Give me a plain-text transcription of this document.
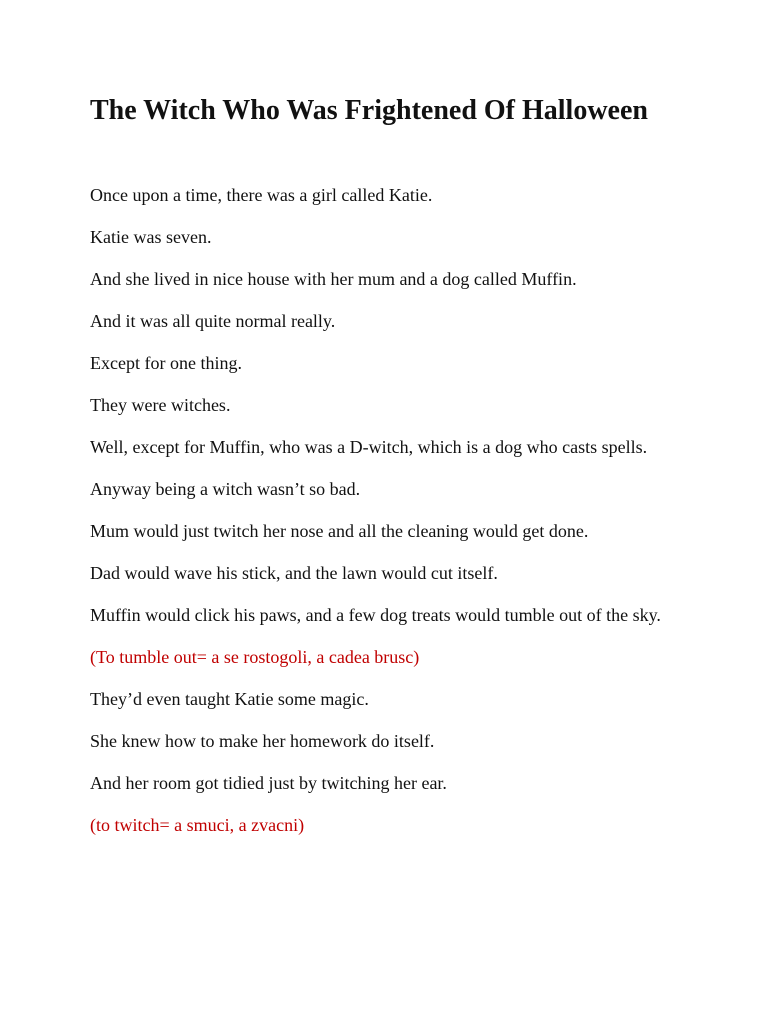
The Witch Who Was Frightened Of Halloween

Once upon a time, there was a girl called Katie.

Katie was seven.

And she lived in nice house with her mum and a dog called Muffin.

And it was all quite normal really.

Except for one thing.

They were witches.

Well, except for Muffin, who was a D-witch, which is a dog who casts spells.

Anyway being a witch wasn’t so bad.

Mum would just twitch her nose and all the cleaning would get done.

Dad would wave his stick, and the lawn would cut itself.

Muffin would click his paws, and a few dog treats would tumble out of the sky.

(To tumble out= a se rostogoli, a cadea brusc)

They’d even taught Katie some magic.

She knew how to make her homework do itself.

And her room got tidied just by twitching her ear.

(to twitch= a smuci, a zvacni)
